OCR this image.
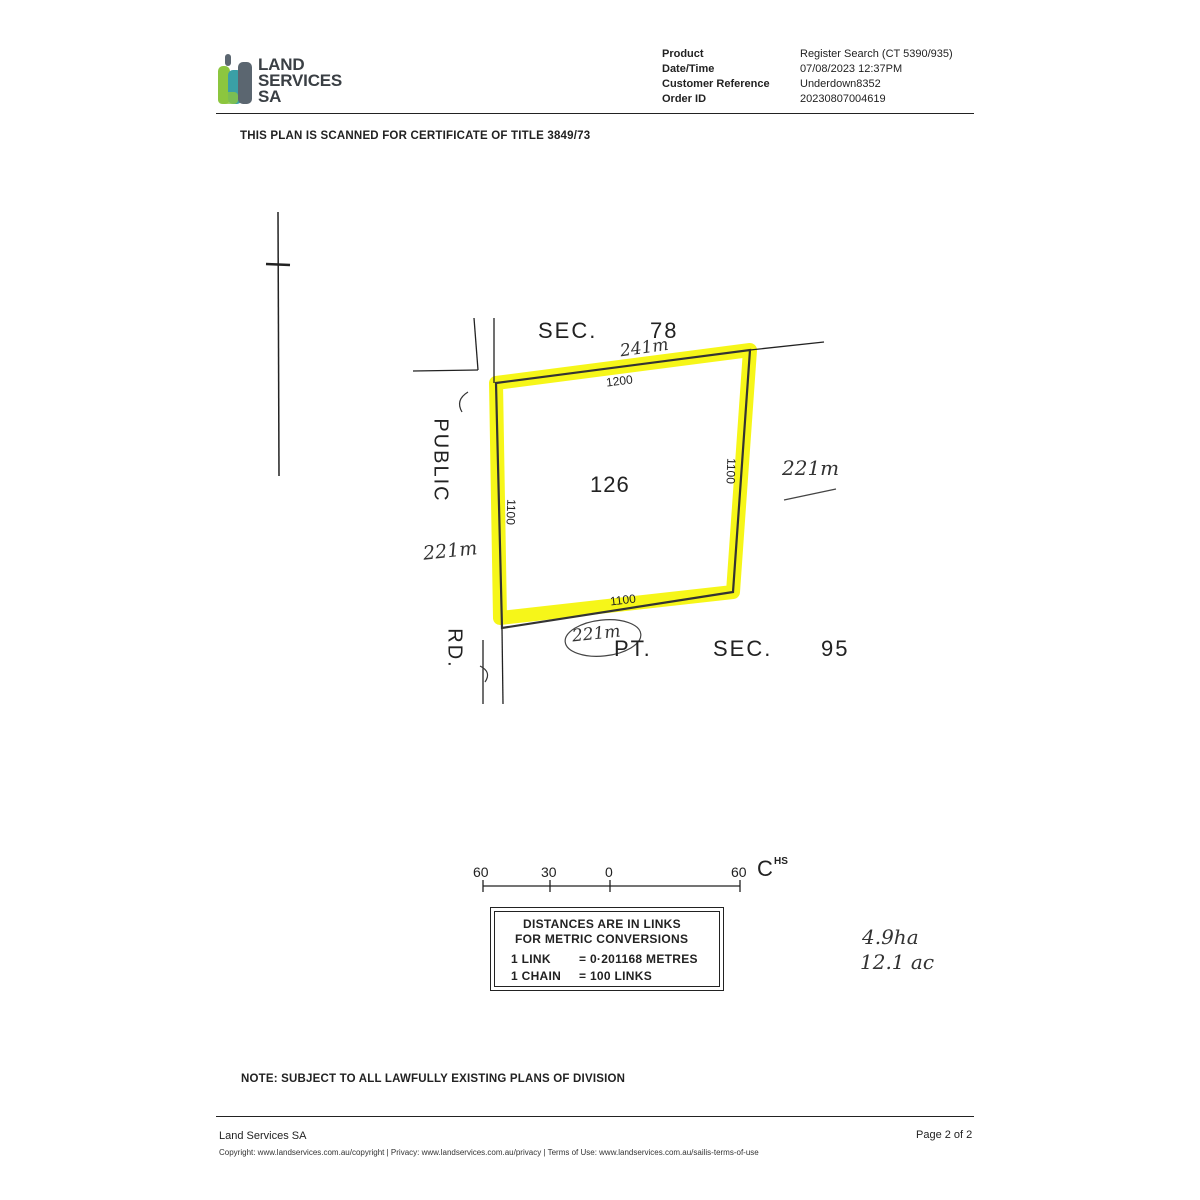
LAND
SERVICES
SA
Product	Register Search (CT 5390/935)
Date/Time	07/08/2023 12:37PM
Customer Reference	Underdown8352
Order ID	20230807004619
THIS PLAN IS SCANNED FOR CERTIFICATE OF TITLE 3849/73
SEC. 78
126
PUBLIC
RD.	PT.	SEC. 95
1200
1100
1100
1100
241m
221m
221m
221m
60	30	0	60 C HS
DISTANCES ARE IN LINKS
FOR METRIC CONVERSIONS
1 LINK = 0·201168 METRES
1 CHAIN = 100 LINKS
4.9ha
12.1 ac
NOTE: SUBJECT TO ALL LAWFULLY EXISTING PLANS OF DIVISION
Land Services SA	Page 2 of 2
Copyright: www.landservices.com.au/copyright | Privacy: www.landservices.com.au/privacy | Terms of Use: www.landservices.com.au/sailis-terms-of-use
